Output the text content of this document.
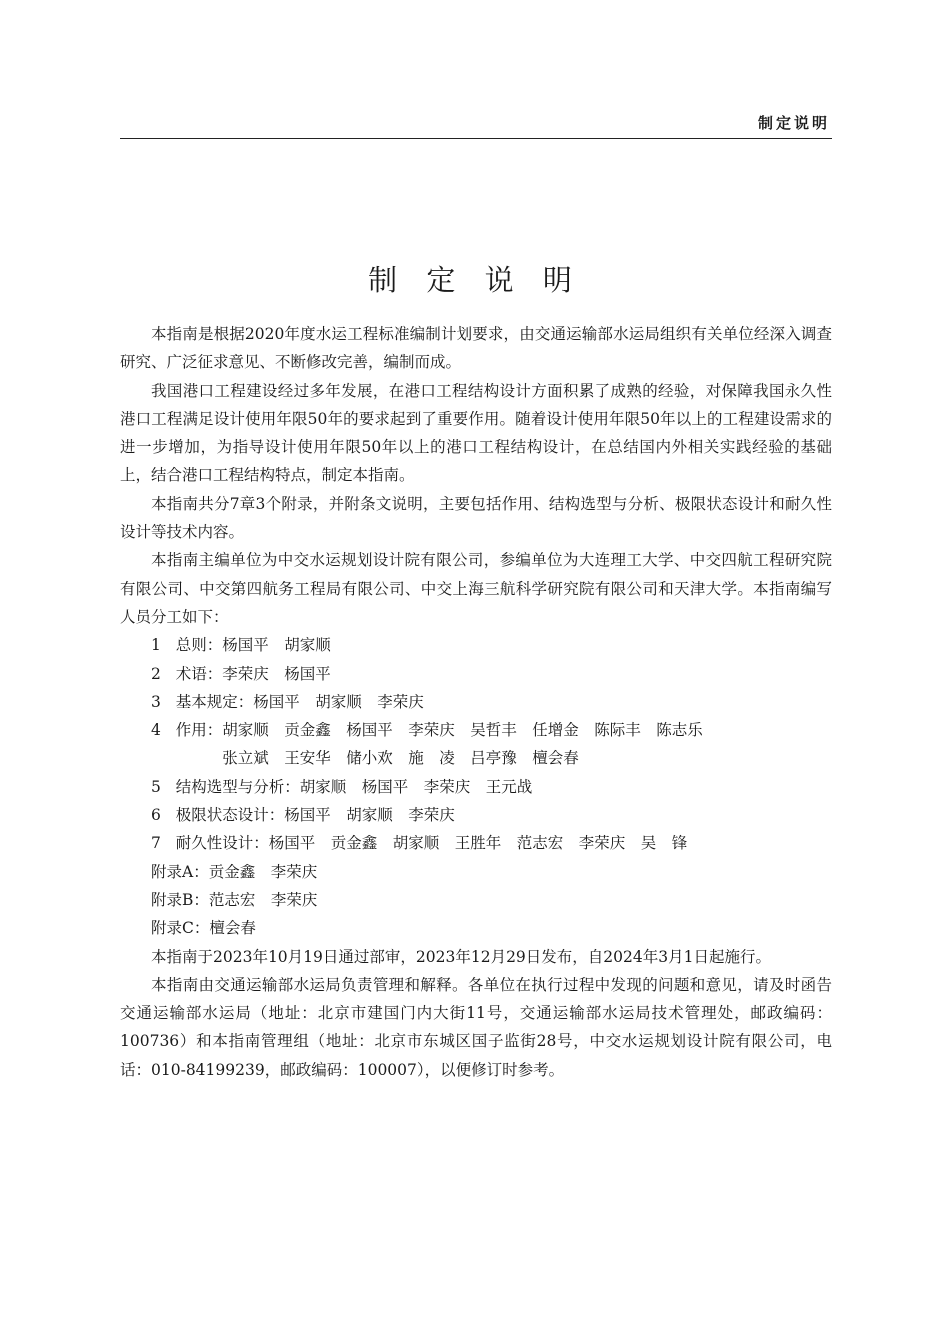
制定说明
制 定 说 明

本指南是根据2020年度水运工程标准编制计划要求，由交通运输部水运局组织有关单位经深入调查研究、广泛征求意见、不断修改完善，编制而成。

我国港口工程建设经过多年发展，在港口工程结构设计方面积累了成熟的经验，对保障我国永久性港口工程满足设计使用年限50年的要求起到了重要作用。随着设计使用年限50年以上的工程建设需求的进一步增加，为指导设计使用年限50年以上的港口工程结构设计，在总结国内外相关实践经验的基础上，结合港口工程结构特点，制定本指南。

本指南共分7章3个附录，并附条文说明，主要包括作用、结构选型与分析、极限状态设计和耐久性设计等技术内容。

本指南主编单位为中交水运规划设计院有限公司，参编单位为大连理工大学、中交四航工程研究院有限公司、中交第四航务工程局有限公司、中交上海三航科学研究院有限公司和天津大学。本指南编写人员分工如下：

1 总则：杨国平　胡家顺
2 术语：李荣庆　杨国平
3 基本规定：杨国平　胡家顺　李荣庆
4 作用：胡家顺　贡金鑫　杨国平　李荣庆　吴哲丰　任增金　陈际丰　陈志乐
　　　张立斌　王安华　储小欢　施　凌　吕亭豫　檀会春
5 结构选型与分析：胡家顺　杨国平　李荣庆　王元战
6 极限状态设计：杨国平　胡家顺　李荣庆
7 耐久性设计：杨国平　贡金鑫　胡家顺　王胜年　范志宏　李荣庆　吴　锋
附录A：贡金鑫　李荣庆
附录B：范志宏　李荣庆
附录C：檀会春

本指南于2023年10月19日通过部审，2023年12月29日发布，自2024年3月1日起施行。

本指南由交通运输部水运局负责管理和解释。各单位在执行过程中发现的问题和意见，请及时函告交通运输部水运局（地址：北京市建国门内大街11号，交通运输部水运局技术管理处，邮政编码：100736）和本指南管理组（地址：北京市东城区国子监街28号，中交水运规划设计院有限公司，电话：010-84199239，邮政编码：100007），以便修订时参考。
